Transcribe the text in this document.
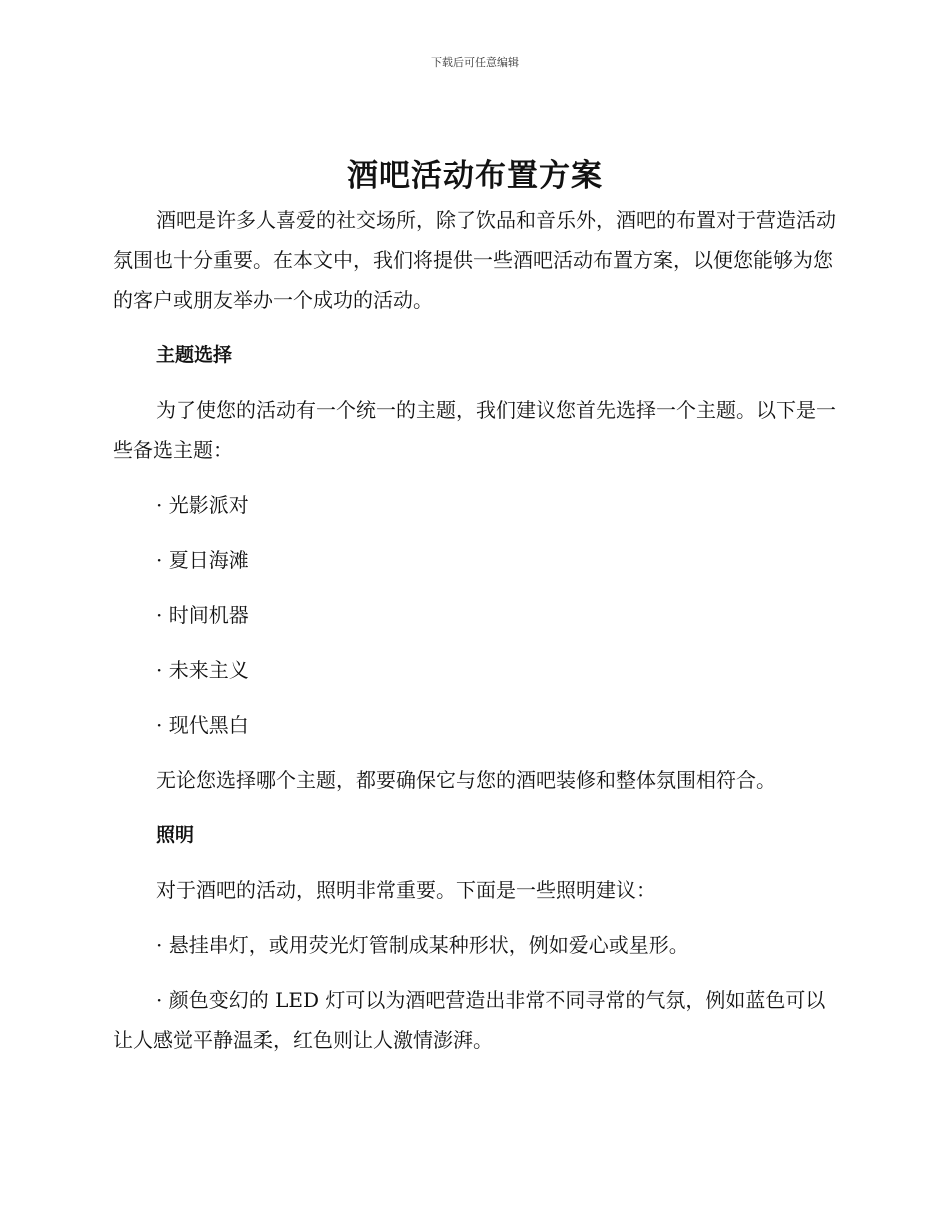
下载后可任意编辑
酒吧活动布置方案

酒吧是许多人喜爱的社交场所，除了饮品和音乐外，酒吧的布置对于营造活动氛围也十分重要。在本文中，我们将提供一些酒吧活动布置方案，以便您能够为您的客户或朋友举办一个成功的活动。

主题选择

为了使您的活动有一个统一的主题，我们建议您首先选择一个主题。以下是一些备选主题：

· 光影派对

· 夏日海滩

· 时间机器

· 未来主义

· 现代黑白

无论您选择哪个主题，都要确保它与您的酒吧装修和整体氛围相符合。

照明

对于酒吧的活动，照明非常重要。下面是一些照明建议：

· 悬挂串灯，或用荧光灯管制成某种形状，例如爱心或星形。

· 颜色变幻的 LED 灯可以为酒吧营造出非常不同寻常的气氛，例如蓝色可以让人感觉平静温柔，红色则让人激情澎湃。
